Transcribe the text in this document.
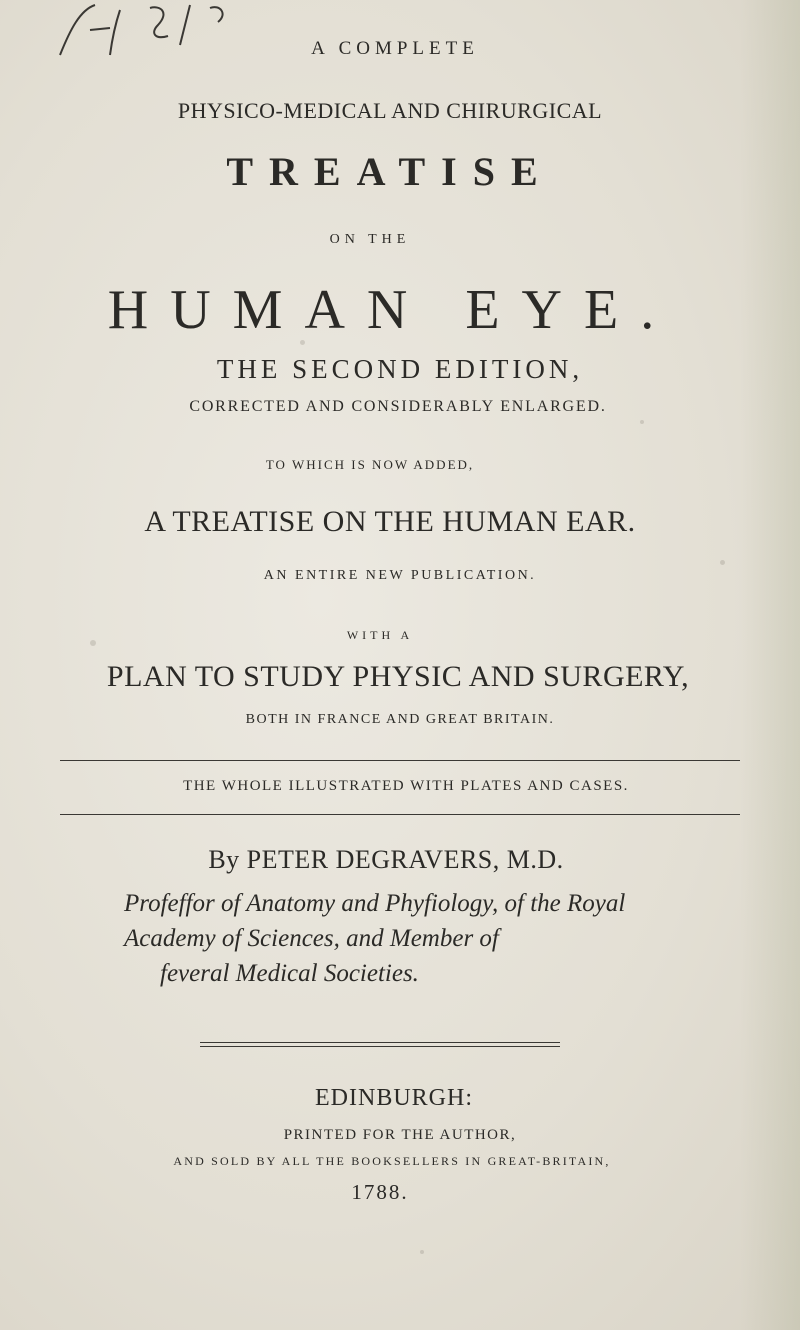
A COMPLETE
PHYSICO-MEDICAL AND CHIRURGICAL
TREATISE
ON THE
HUMAN EYE.
THE SECOND EDITION,
CORRECTED AND CONSIDERABLY ENLARGED.
TO WHICH IS NOW ADDED,
A TREATISE ON THE HUMAN EAR.
AN ENTIRE NEW PUBLICATION.
WITH A
PLAN TO STUDY PHYSIC AND SURGERY,
BOTH IN FRANCE AND GREAT BRITAIN.
THE WHOLE ILLUSTRATED WITH PLATES AND CASES.
By PETER DEGRAVERS, M.D.
Profeffor of Anatomy and Phyfiology, of the Royal
Academy of Sciences, and Member of
feveral Medical Societies.
EDINBURGH:
PRINTED FOR THE AUTHOR,
AND SOLD BY ALL THE BOOKSELLERS IN GREAT-BRITAIN,
1788.
